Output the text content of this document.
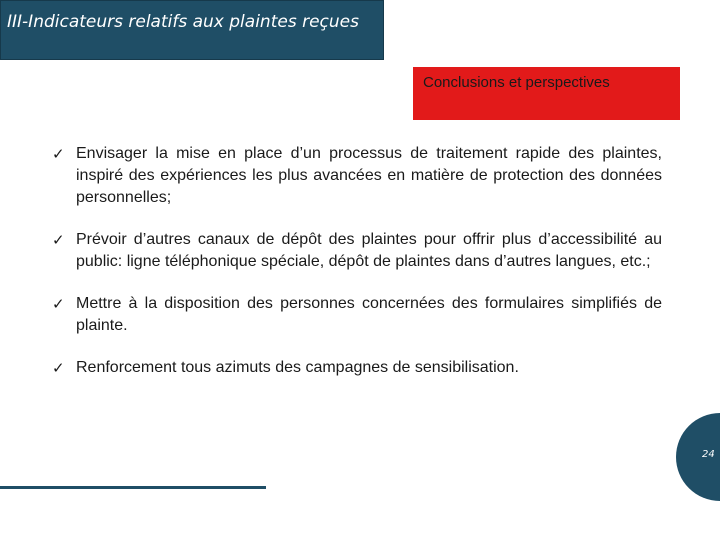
III-Indicateurs relatifs aux plaintes reçues
Conclusions et perspectives
✓ Envisager la mise en place d’un processus de traitement rapide des plaintes, inspiré des expériences les plus avancées en matière de protection des données personnelles;
✓ Prévoir d’autres canaux de dépôt des plaintes pour offrir plus d’accessibilité au public: ligne téléphonique spéciale, dépôt de plaintes dans d’autres langues, etc.;
✓ Mettre à la disposition des personnes concernées des formulaires simplifiés de plainte.
✓ Renforcement tous azimuts des campagnes de sensibilisation.
24
